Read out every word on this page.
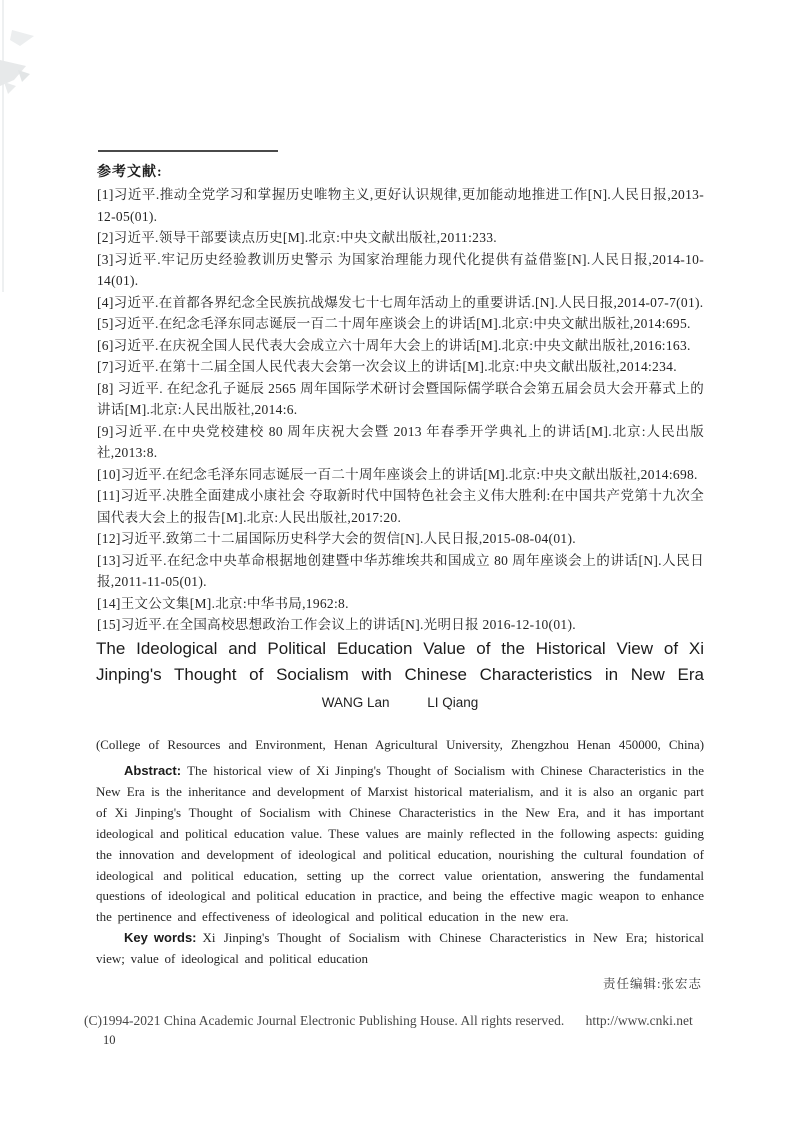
参考文献:

[1]习近平.推动全党学习和掌握历史唯物主义,更好认识规律,更加能动地推进工作[N].人民日报,2013-12-05(01).

[2]习近平.领导干部要读点历史[M].北京:中央文献出版社,2011:233.

[3]习近平.牢记历史经验教训历史警示 为国家治理能力现代化提供有益借鉴[N].人民日报,2014-10-14(01).

[4]习近平.在首都各界纪念全民族抗战爆发七十七周年活动上的重要讲话.[N].人民日报,2014-07-7(01).

[5]习近平.在纪念毛泽东同志诞辰一百二十周年座谈会上的讲话[M].北京:中央文献出版社,2014:695.

[6]习近平.在庆祝全国人民代表大会成立六十周年大会上的讲话[M].北京:中央文献出版社,2016:163.

[7]习近平.在第十二届全国人民代表大会第一次会议上的讲话[M].北京:中央文献出版社,2014:234.

[8] 习近平. 在纪念孔子诞辰 2565 周年国际学术研讨会暨国际儒学联合会第五届会员大会开幕式上的讲话[M].北京:人民出版社,2014:6.

[9]习近平.在中央党校建校 80 周年庆祝大会暨 2013 年春季开学典礼上的讲话[M].北京:人民出版社,2013:8.

[10]习近平.在纪念毛泽东同志诞辰一百二十周年座谈会上的讲话[M].北京:中央文献出版社,2014:698.

[11]习近平.决胜全面建成小康社会 夺取新时代中国特色社会主义伟大胜利:在中国共产党第十九次全国代表大会上的报告[M].北京:人民出版社,2017:20.

[12]习近平.致第二十二届国际历史科学大会的贺信[N].人民日报,2015-08-04(01).

[13]习近平.在纪念中央革命根据地创建暨中华苏维埃共和国成立 80 周年座谈会上的讲话[N].人民日报,2011-11-05(01).

[14]王文公文集[M].北京:中华书局,1962:8.

[15]习近平.在全国高校思想政治工作会议上的讲话[N].光明日报 2016-12-10(01).

The Ideological and Political Education Value of the Historical View of Xi Jinping's Thought of Socialism with Chinese Characteristics in New Era
WANG Lan	LI Qiang

(College of Resources and Environment, Henan Agricultural University, Zhengzhou Henan 450000, China)

Abstract: The historical view of Xi Jinping's Thought of Socialism with Chinese Characteristics in the New Era is the inheritance and development of Marxist historical materialism, and it is also an organic part of Xi Jinping's Thought of Socialism with Chinese Characteristics in the New Era, and it has important ideological and political education value. These values are mainly reflected in the following aspects: guiding the innovation and development of ideological and political education, nourishing the cultural foundation of ideological and political education, setting up the correct value orientation, answering the fundamental questions of ideological and political education in practice, and being the effective magic weapon to enhance the pertinence and effectiveness of ideological and political education in the new era.

Key words: Xi Jinping's Thought of Socialism with Chinese Characteristics in New Era; historical view; value of ideological and political education

责任编辑:张宏志

(C)1994-2021 China Academic Journal Electronic Publishing House. All rights reserved. http://www.cnki.net
10
